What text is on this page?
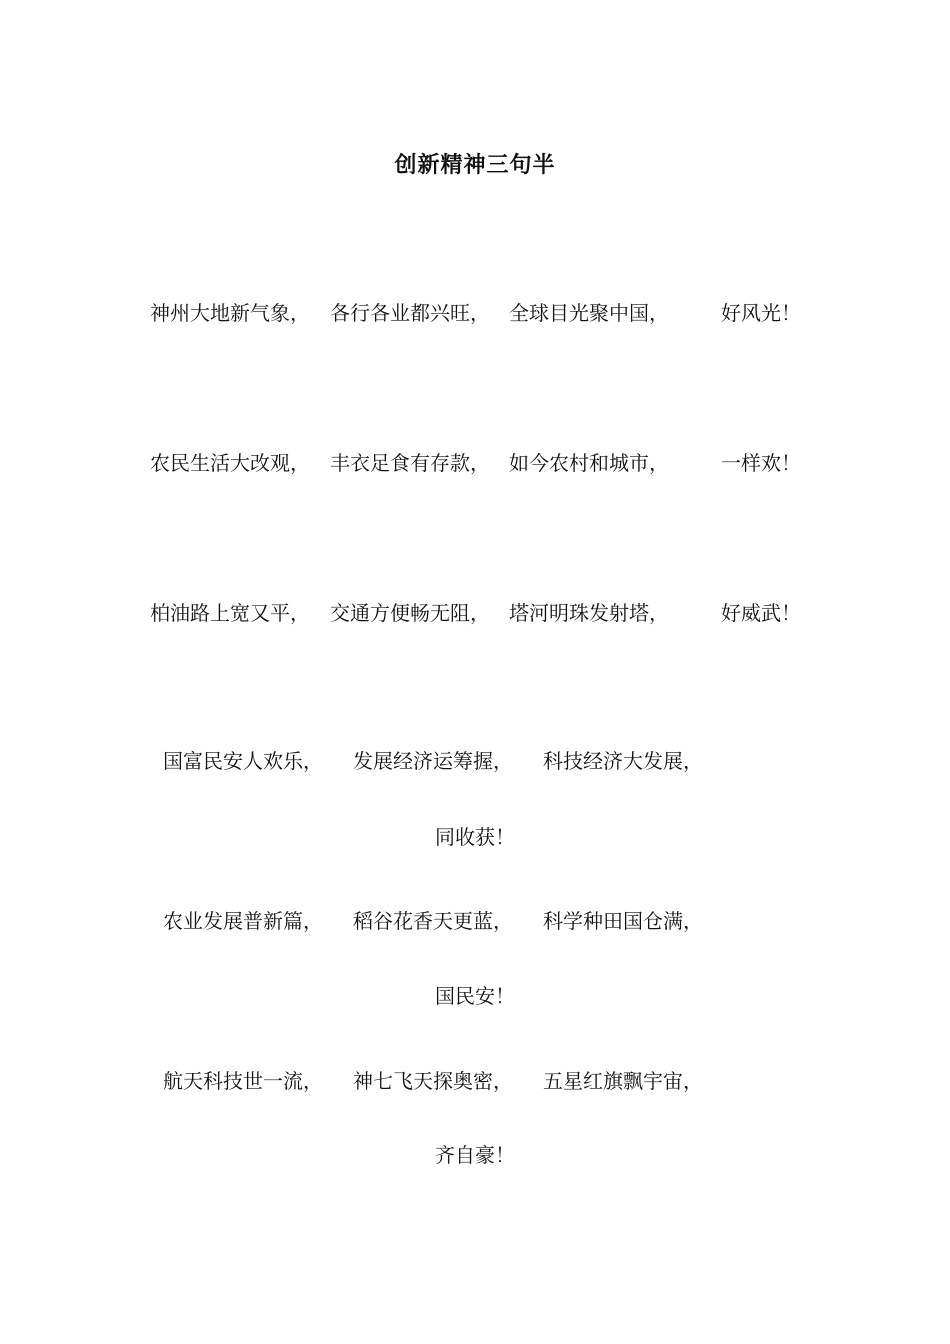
创新精神三句半
神州大地新气象， 各行各业都兴旺， 全球目光聚中国，	好风光！
农民生活大改观， 丰衣足食有存款， 如今农村和城市，	一样欢！
柏油路上宽又平， 交通方便畅无阻， 塔河明珠发射塔，	好威武！
国富民安人欢乐， 发展经济运筹握， 科技经济大发展，
同收获！
农业发展普新篇， 稻谷花香天更蓝， 科学种田国仓满，
国民安！
航天科技世一流， 神七飞天探奥密， 五星红旗飘宇宙，
齐自豪！
